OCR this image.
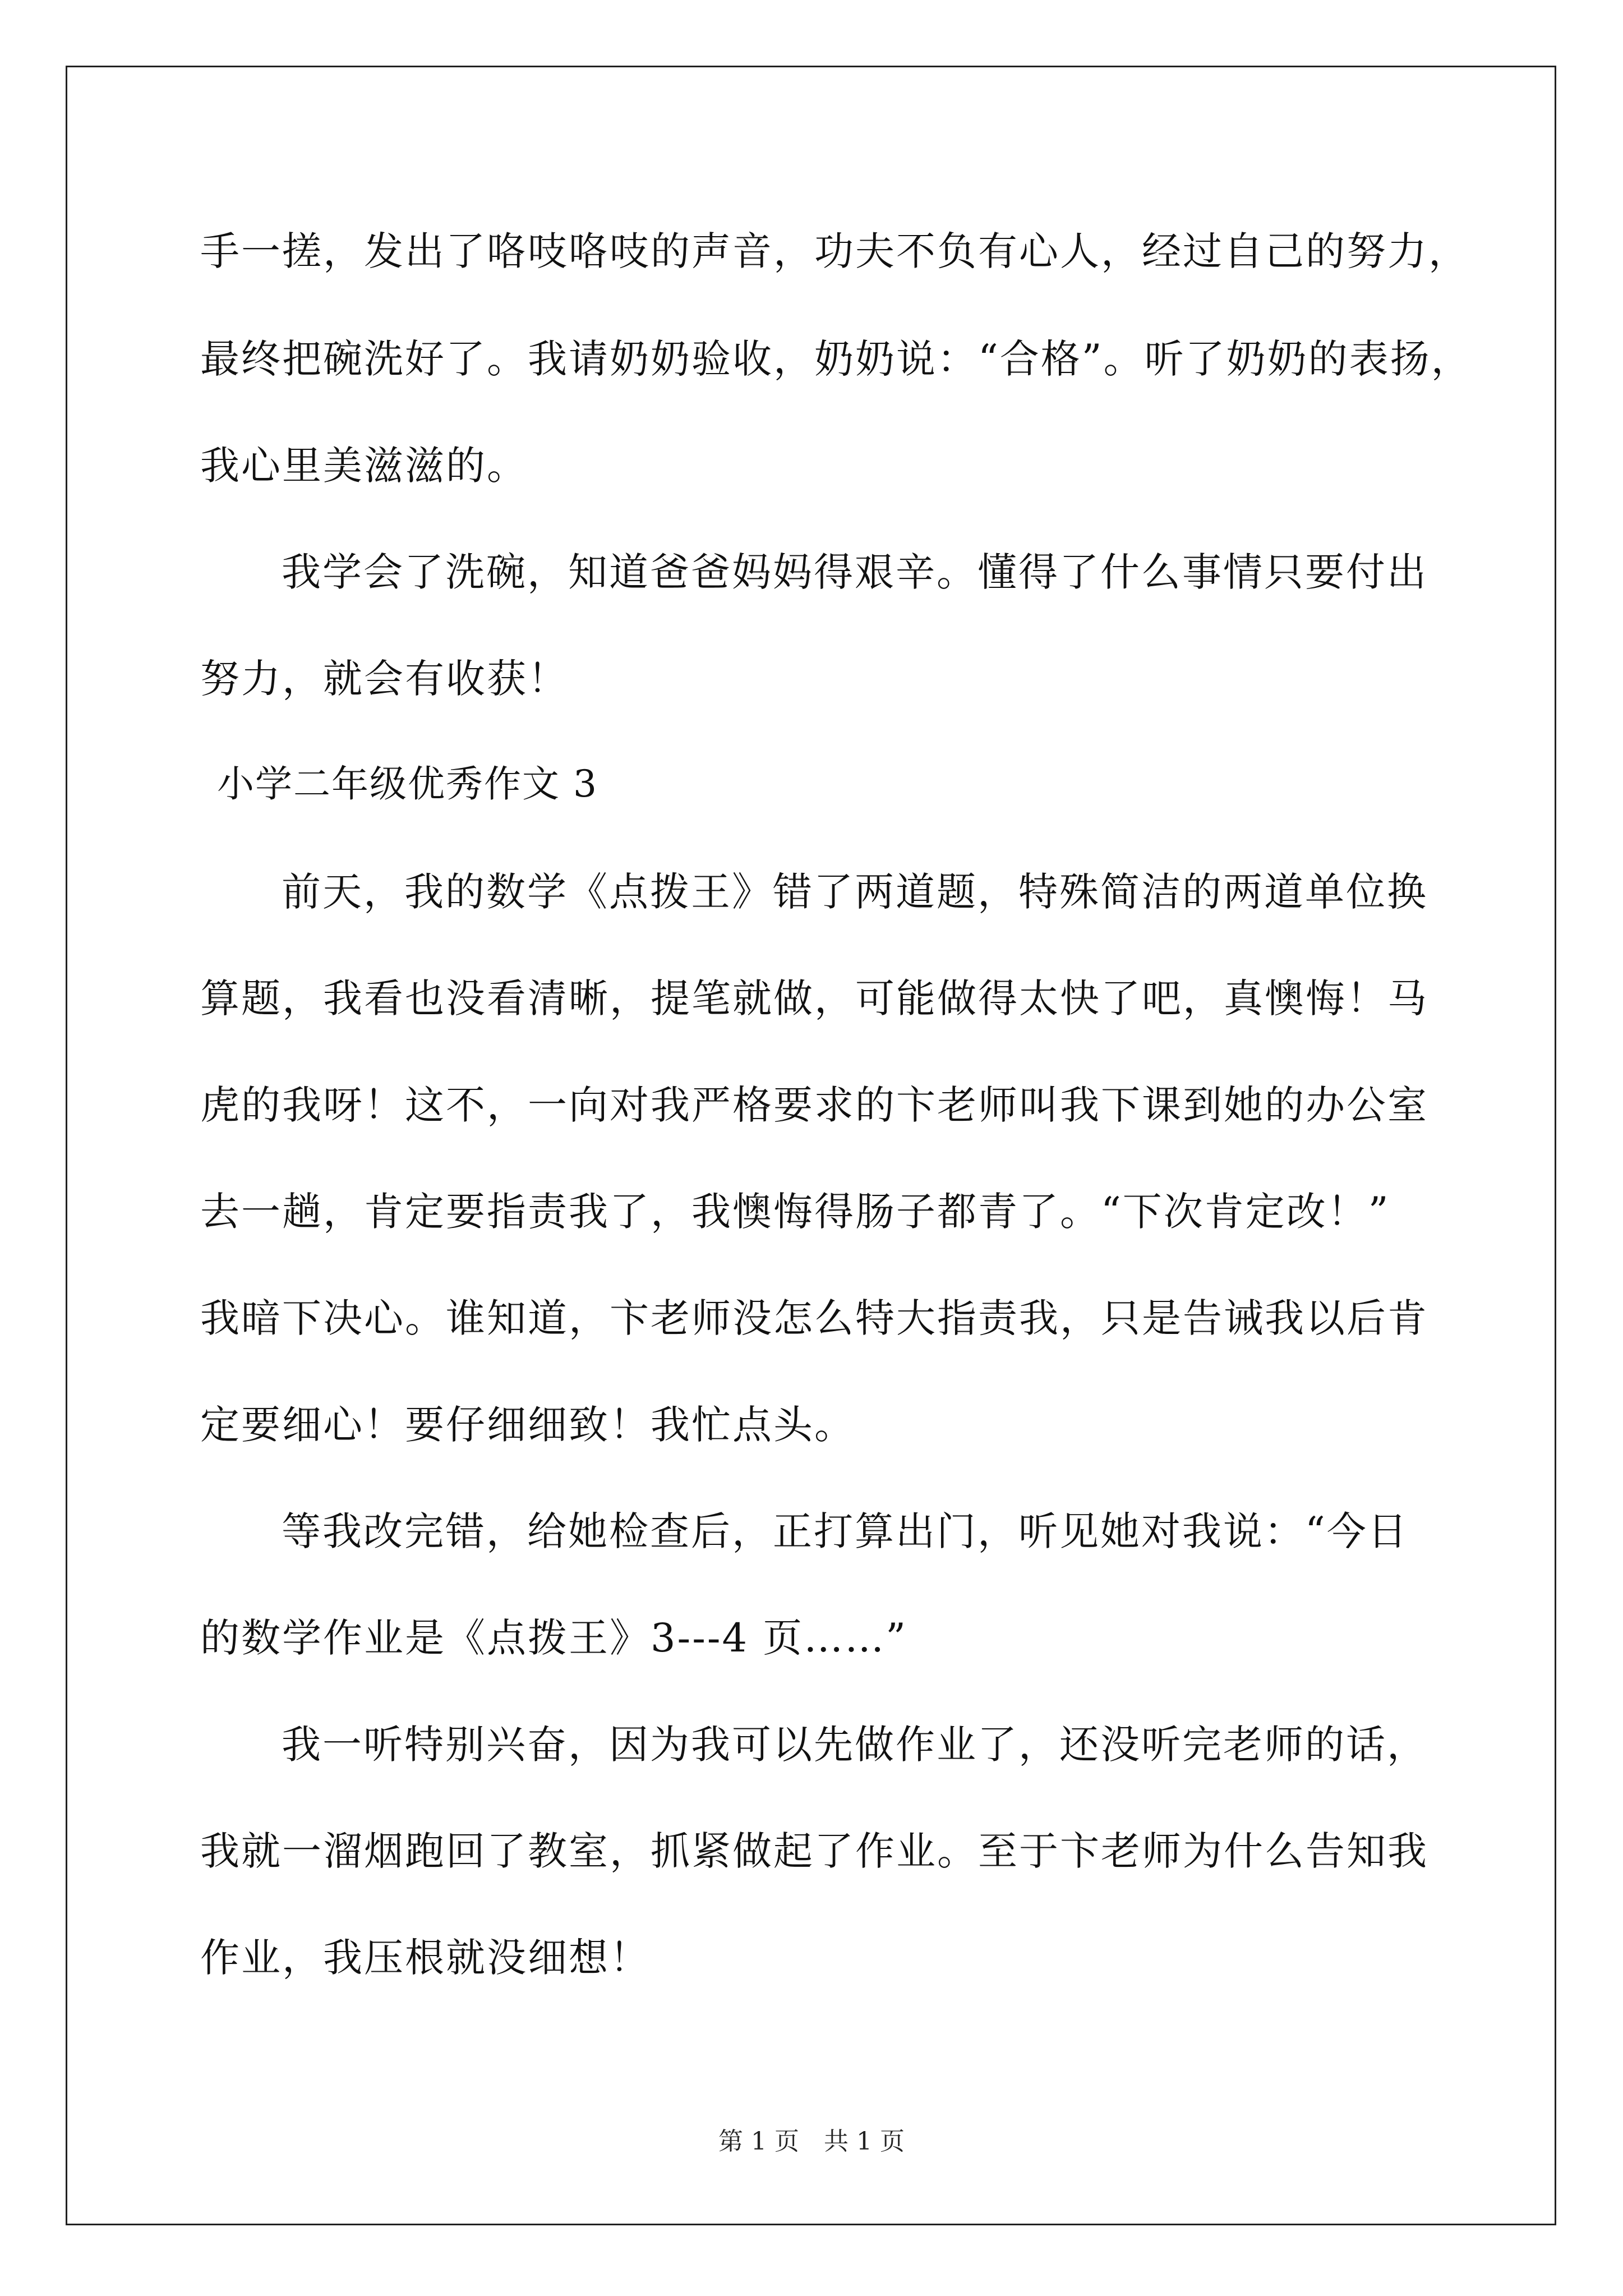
手一搓，发出了咯吱咯吱的声音，功夫不负有心人，经过自己的努力，
最终把碗洗好了。我请奶奶验收，奶奶说：“合格”。听了奶奶的表扬，
我心里美滋滋的。
我学会了洗碗，知道爸爸妈妈得艰辛。懂得了什么事情只要付出
努力，就会有收获！
小学二年级优秀作文 3
前天，我的数学《点拨王》错了两道题，特殊简洁的两道单位换
算题，我看也没看清晰，提笔就做，可能做得太快了吧，真懊悔！马
虎的我呀！这不，一向对我严格要求的卞老师叫我下课到她的办公室
去一趟，肯定要指责我了，我懊悔得肠子都青了。“下次肯定改！”
我暗下决心。谁知道，卞老师没怎么特大指责我，只是告诫我以后肯
定要细心！要仔细细致！我忙点头。
等我改完错，给她检查后，正打算出门，听见她对我说：“今日
的数学作业是《点拨王》3---4 页……”
我一听特别兴奋，因为我可以先做作业了，还没听完老师的话，
我就一溜烟跑回了教室，抓紧做起了作业。至于卞老师为什么告知我
作业，我压根就没细想！
第 1 页　共 1 页
